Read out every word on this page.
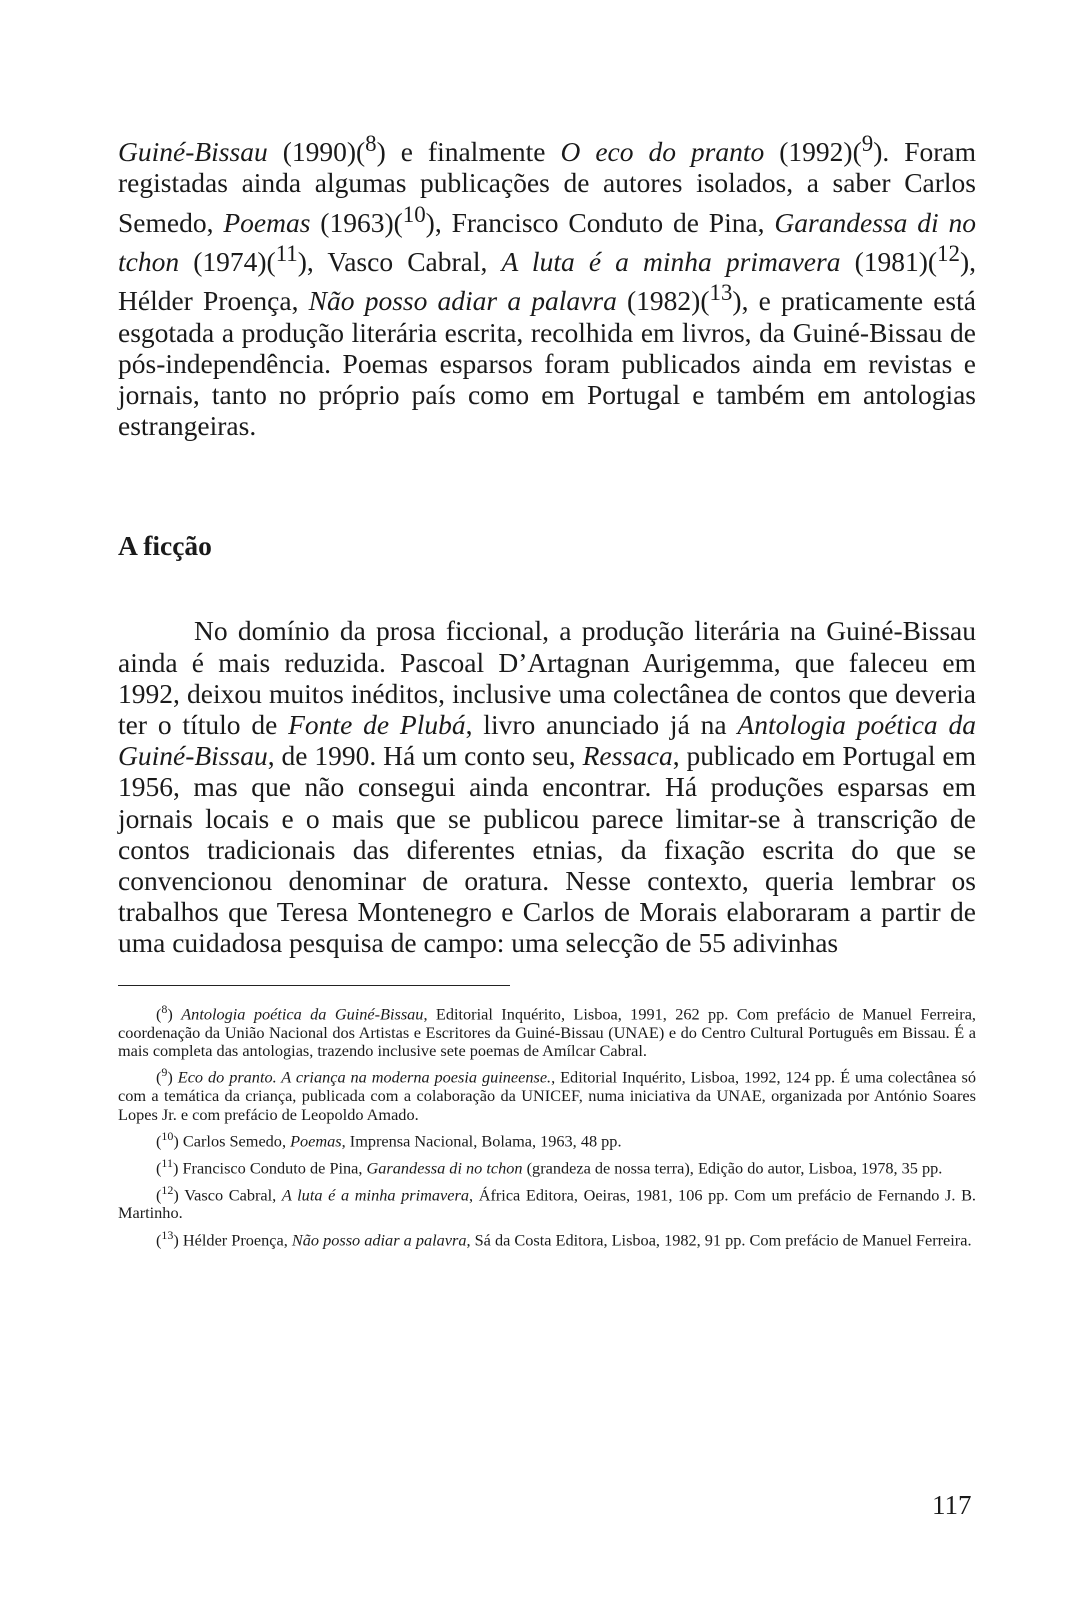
Guiné-Bissau (1990)($^8$) e finalmente O eco do pranto (1992)($^9$). Foram registadas ainda algumas publicações de autores isolados, a saber Carlos Semedo, Poemas (1963)($^{10}$), Francisco Conduto de Pina, Garandessa di no tchon (1974)($^{11}$), Vasco Cabral, A luta é a minha primavera (1981)($^{12}$), Hélder Proença, Não posso adiar a palavra (1982)($^{13}$), e praticamente está esgotada a produção literária escrita, recolhida em livros, da Guiné-Bissau de pós-independência. Poemas esparsos foram publicados ainda em revistas e jornais, tanto no próprio país como em Portugal e também em antologias estrangeiras.

A ficção

No domínio da prosa ficcional, a produção literária na Guiné-Bissau ainda é mais reduzida. Pascoal D’Artagnan Aurigemma, que faleceu em 1992, deixou muitos inéditos, inclusive uma colectânea de contos que deveria ter o título de Fonte de Plubá, livro anunciado já na Antologia poética da Guiné-Bissau, de 1990. Há um conto seu, Ressaca, publicado em Portugal em 1956, mas que não consegui ainda encontrar. Há produções esparsas em jornais locais e o mais que se publicou parece limitar-se à transcrição de contos tradicionais das diferentes etnias, da fixação escrita do que se convencionou denominar de oratura. Nesse contexto, queria lembrar os trabalhos que Teresa Montenegro e Carlos de Morais elaboraram a partir de uma cuidadosa pesquisa de campo: uma selecção de 55 adivinhas

($^8$) Antologia poética da Guiné-Bissau, Editorial Inquérito, Lisboa, 1991, 262 pp. Com prefácio de Manuel Ferreira, coordenação da União Nacional dos Artistas e Escritores da Guiné-Bissau (UNAE) e do Centro Cultural Português em Bissau. É a mais completa das antologias, trazendo inclusive sete poemas de Amílcar Cabral.

($^9$) Eco do pranto. A criança na moderna poesia guineense., Editorial Inquérito, Lisboa, 1992, 124 pp. É uma colectânea só com a temática da criança, publicada com a colaboração da UNICEF, numa iniciativa da UNAE, organizada por António Soares Lopes Jr. e com prefácio de Leopoldo Amado.

($^{10}$) Carlos Semedo, Poemas, Imprensa Nacional, Bolama, 1963, 48 pp.

($^{11}$) Francisco Conduto de Pina, Garandessa di no tchon (grandeza de nossa terra), Edição do autor, Lisboa, 1978, 35 pp.

($^{12}$) Vasco Cabral, A luta é a minha primavera, África Editora, Oeiras, 1981, 106 pp. Com um prefácio de Fernando J. B. Martinho.

($^{13}$) Hélder Proença, Não posso adiar a palavra, Sá da Costa Editora, Lisboa, 1982, 91 pp. Com prefácio de Manuel Ferreira.

117
